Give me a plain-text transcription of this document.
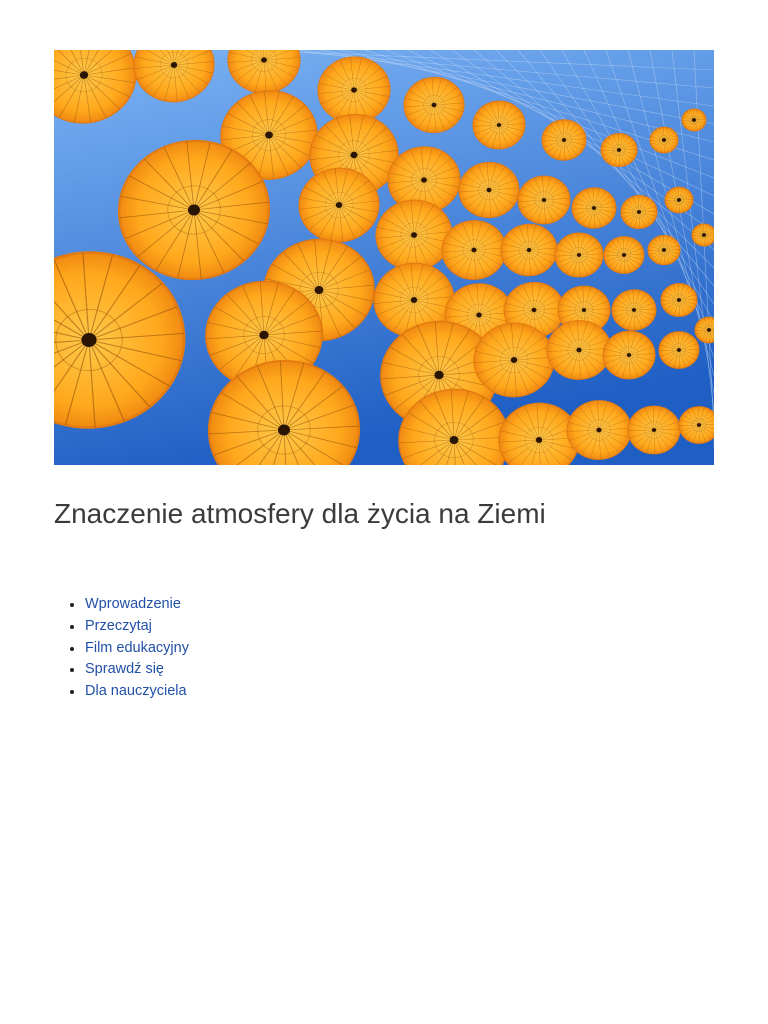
Znaczenie atmosfery dla życia na Ziemi
Wprowadzenie
Przeczytaj
Film edukacyjny
Sprawdź się
Dla nauczyciela
